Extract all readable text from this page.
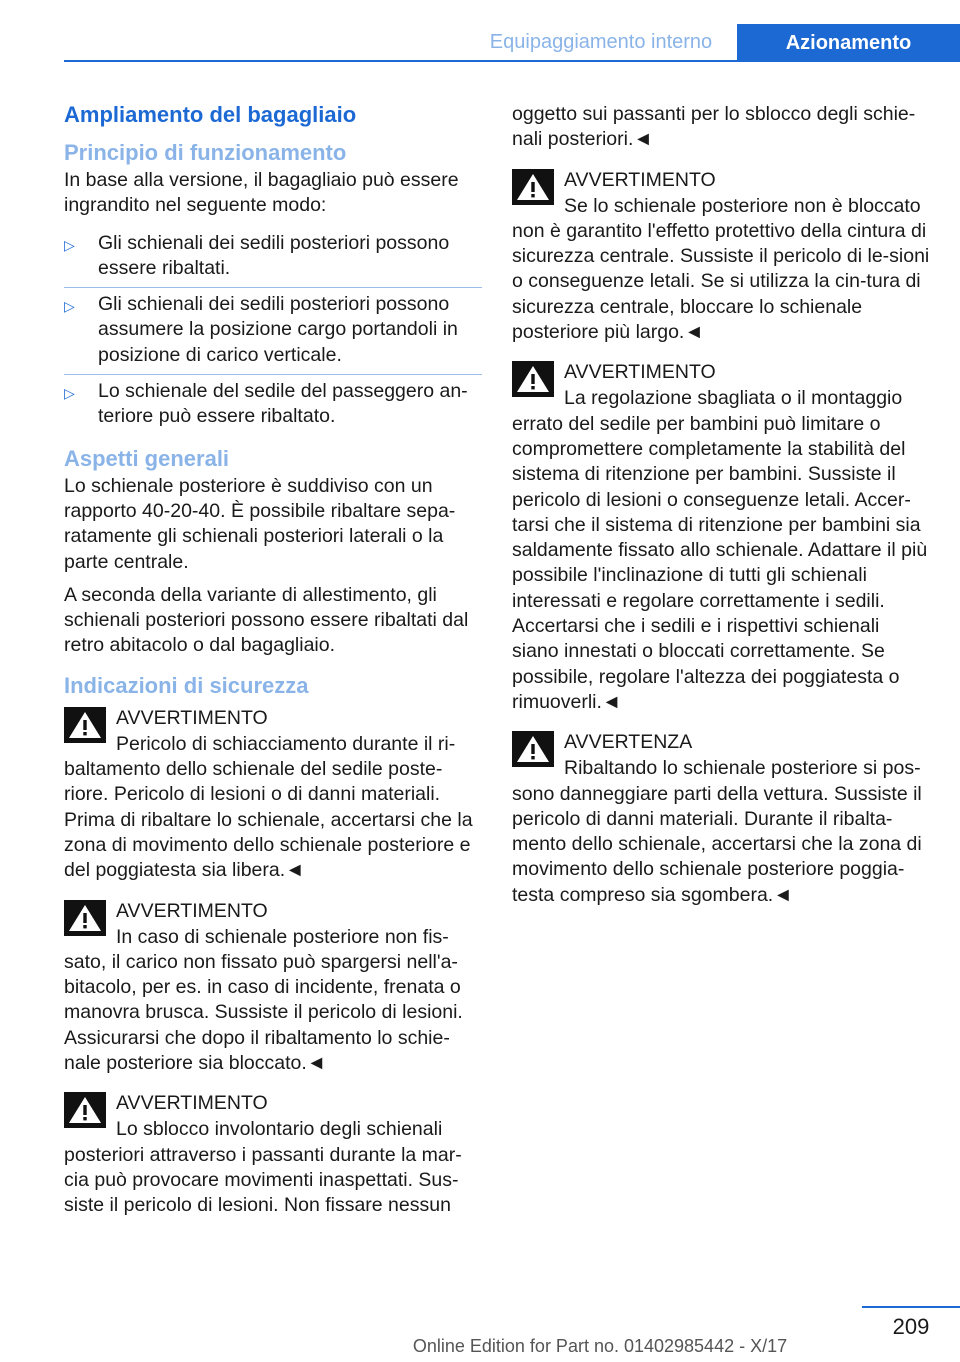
Equipaggiamento interno	Azionamento
Ampliamento del bagagliaio
Principio di funzionamento

In base alla versione, il bagagliaio può essere ingrandito nel seguente modo:

▷	Gli schienali dei sedili posteriori possono essere ribaltati.
▷	Gli schienali dei sedili posteriori possono assumere la posizione cargo portandoli in posizione di carico verticale.
▷	Lo schienale del sedile del passeggero an‐teriore può essere ribaltato.
Aspetti generali

Lo schienale posteriore è suddiviso con un rapporto 40-20-40. È possibile ribaltare sepa‐ratamente gli schienali posteriori laterali o la parte centrale.

A seconda della variante di allestimento, gli schienali posteriori possono essere ribaltati dal retro abitacolo o dal bagagliaio.

Indicazioni di sicurezza
AVVERTIMENTO
Pericolo di schiacciamento durante il ri‐baltamento dello schienale del sedile poste‐riore. Pericolo di lesioni o di danni materiali. Prima di ribaltare lo schienale, accertarsi che la zona di movimento dello schienale posteriore e del poggiatesta sia libera.◄
AVVERTIMENTO
In caso di schienale posteriore non fis‐sato, il carico non fissato può spargersi nell'a‐bitacolo, per es. in caso di incidente, frenata o manovra brusca. Sussiste il pericolo di lesioni. Assicurarsi che dopo il ribaltamento lo schie‐nale posteriore sia bloccato.◄
AVVERTIMENTO
Lo sblocco involontario degli schienali posteriori attraverso i passanti durante la mar‐cia può provocare movimenti inaspettati. Sus‐siste il pericolo di lesioni. Non fissare nessun

oggetto sui passanti per lo sblocco degli schie‐nali posteriori.◄

AVVERTIMENTO
Se lo schienale posteriore non è bloccato non è garantito l'effetto protettivo della cintura di sicurezza centrale. Sussiste il pericolo di le‐sioni o conseguenze letali. Se si utilizza la cin‐tura di sicurezza centrale, bloccare lo schienale posteriore più largo.◄
AVVERTIMENTO
La regolazione sbagliata o il montaggio errato del sedile per bambini può limitare o compromettere completamente la stabilità del sistema di ritenzione per bambini. Sussiste il pericolo di lesioni o conseguenze letali. Accer‐tarsi che il sistema di ritenzione per bambini sia saldamente fissato allo schienale. Adattare il più possibile l'inclinazione di tutti gli schienali interessati e regolare correttamente i sedili. Accertarsi che i sedili e i rispettivi schienali siano innestati o bloccati correttamente. Se possibile, regolare l'altezza dei poggiatesta o rimuoverli.◄
AVVERTENZA
Ribaltando lo schienale posteriore si pos‐sono danneggiare parti della vettura. Sussiste il pericolo di danni materiali. Durante il ribalta‐mento dello schienale, accertarsi che la zona di movimento dello schienale posteriore poggia‐testa compreso sia sgombera.◄
209
Online Edition for Part no. 01402985442 - X/17
